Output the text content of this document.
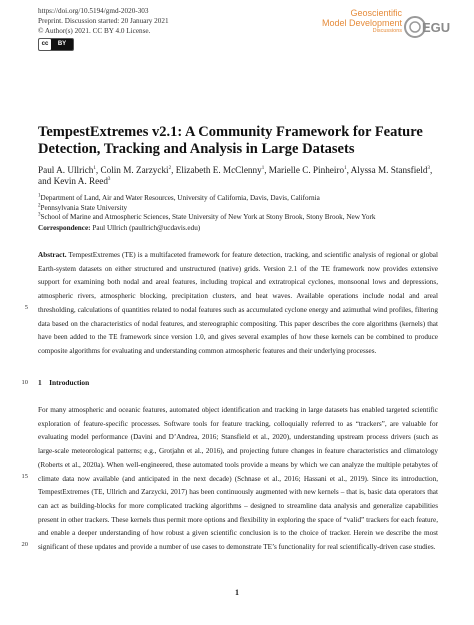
https://doi.org/10.5194/gmd-2020-303
Preprint. Discussion started: 20 January 2021
© Author(s) 2021. CC BY 4.0 License.
cc	BY
Geoscientific
Model Development
Discussions EGU
TempestExtremes v2.1: A Community Framework for Feature Detection, Tracking and Analysis in Large Datasets
Paul A. Ullrich$^1$, Colin M. Zarzycki$^2$, Elizabeth E. McClenny$^1$, Marielle C. Pinheiro$^1$, Alyssa M. Stansfield$^3$, and Kevin A. Reed$^3$
$^1$Department of Land, Air and Water Resources, University of California, Davis, Davis, California
$^2$Pennsylvania State University
$^3$School of Marine and Atmospheric Sciences, State University of New York at Stony Brook, Stony Brook, New York
Correspondence: Paul Ullrich (paullrich@ucdavis.edu)
Abstract. TempestExtremes (TE) is a multifaceted framework for feature detection, tracking, and scientific analysis of regional or global Earth-system datasets on either structured and unstructured (native) grids. Version 2.1 of the TE framework now provides extensive support for examining both nodal and areal features, including tropical and extratropical cyclones, monsoonal lows and depressions, atmospheric rivers, atmospheric blocking, precipitation clusters, and heat waves. Available operations include nodal and areal thresholding, calculations of quantities related to nodal features such as accumulated cyclone energy and azimuthal wind profiles, filtering data based on the characteristics of nodal features, and stereographic compositing. This paper describes the core algorithms (kernels) that have been added to the TE framework since version 1.0, and gives several examples of how these kernels can be combined to produce composite algorithms for evaluating and understanding common atmospheric features and their underlying processes.
5
10
15
20
1 Introduction
For many atmospheric and oceanic features, automated object identification and tracking in large datasets has enabled targeted scientific exploration of feature-specific processes. Software tools for feature tracking, colloquially referred to as “trackers”, are valuable for evaluating model performance (Davini and D’Andrea, 2016; Stansfield et al., 2020), understanding upstream process drivers (such as large-scale meteorological patterns; e.g., Grotjahn et al., 2016), and projecting future changes in feature characteristics and climatology (Roberts et al., 2020a). When well-engineered, these automated tools provide a means by which we can analyze the multiple petabytes of climate data now available (and anticipated in the next decade) (Schnase et al., 2016; Hassani et al., 2019). Since its introduction, TempestExtremes (TE, Ullrich and Zarzycki, 2017) has been continuously augmented with new kernels – that is, basic data operators that can act as building-blocks for more complicated tracking algorithms – designed to streamline data analysis and generalize capabilities present in other trackers. These kernels thus permit more options and flexibility in exploring the space of “valid” trackers for each feature, and enable a deeper understanding of how robust a given scientific conclusion is to the choice of tracker. Herein we describe the most significant of these updates and provide a number of use cases to demonstrate TE’s functionality for real scientifically-driven case studies.
1
